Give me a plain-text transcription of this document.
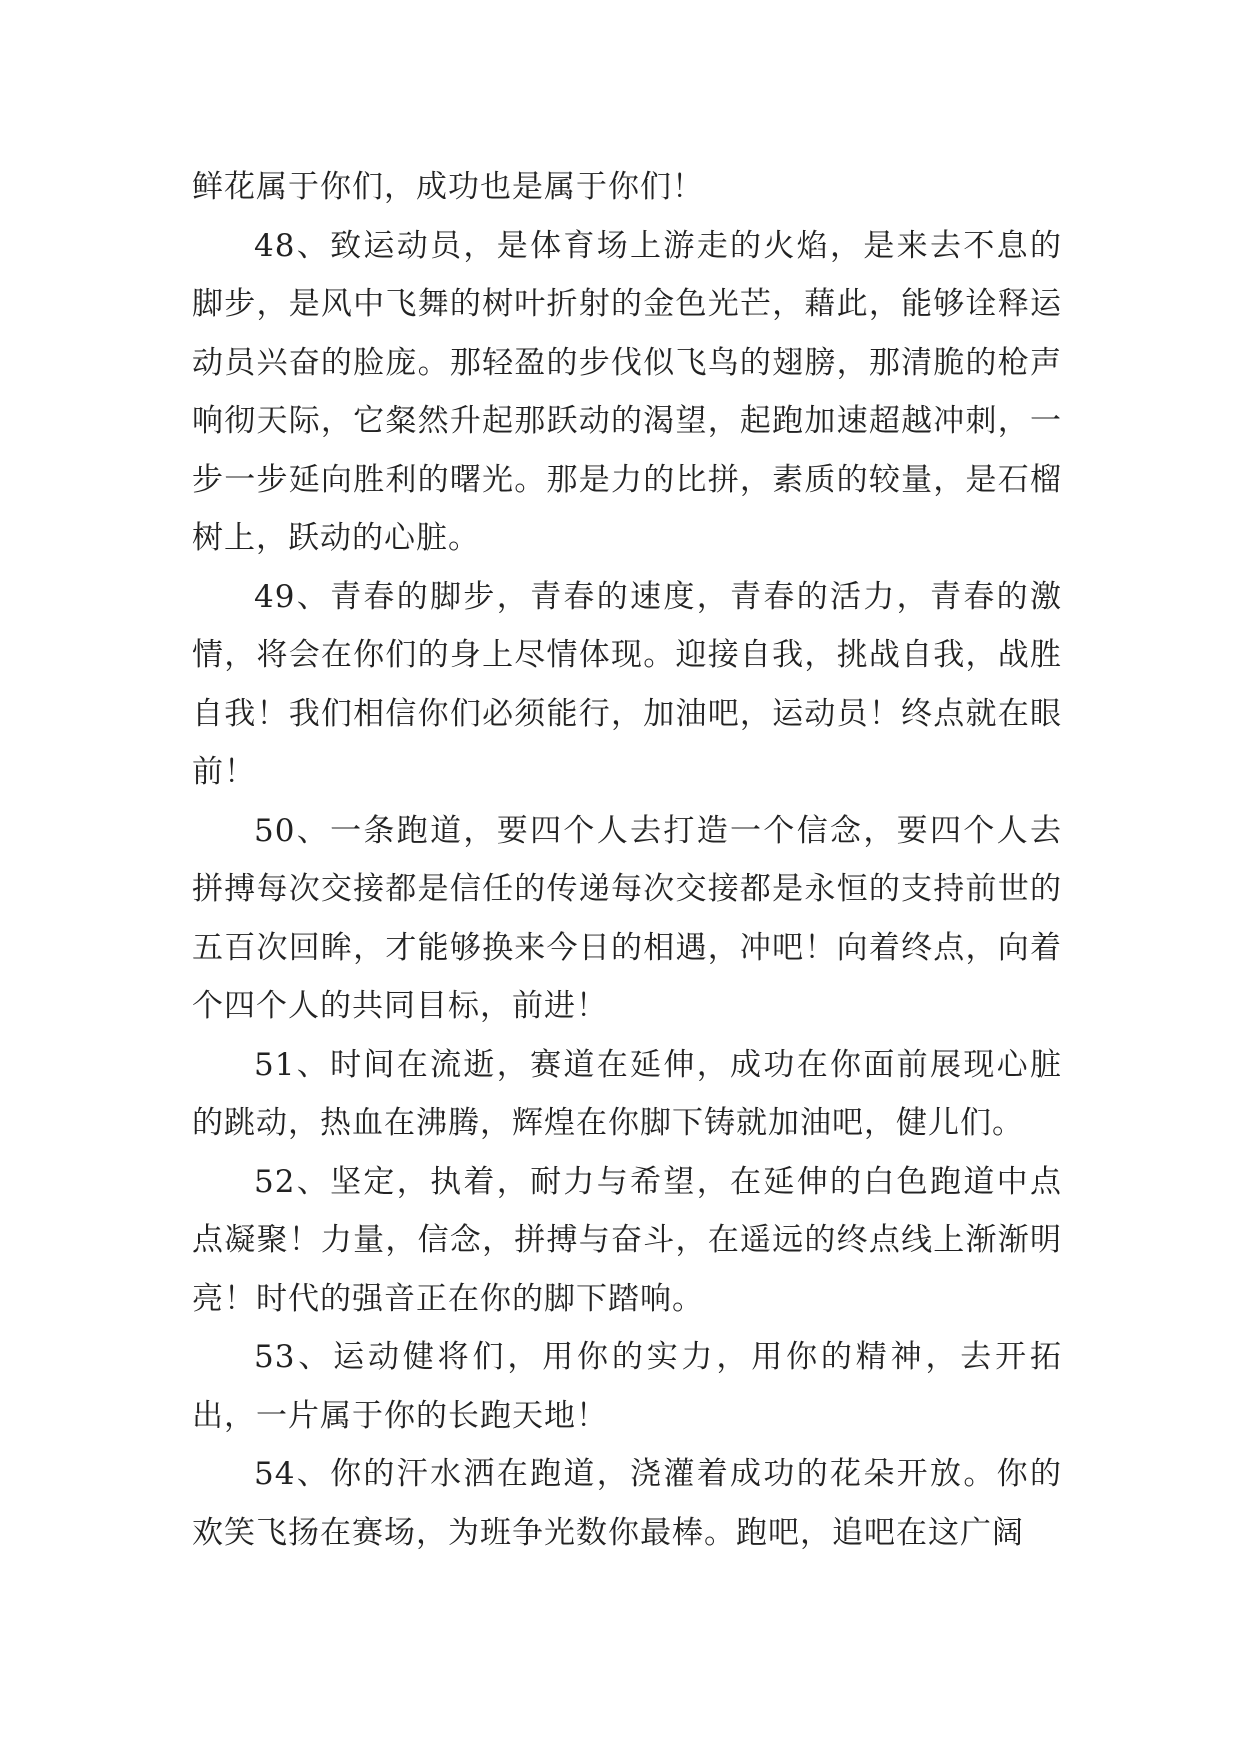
鲜花属于你们，成功也是属于你们！

48、致运动员，是体育场上游走的火焰，是来去不息的脚步，是风中飞舞的树叶折射的金色光芒，藉此，能够诠释运动员兴奋的脸庞。那轻盈的步伐似飞鸟的翅膀，那清脆的枪声响彻天际，它粲然升起那跃动的渴望，起跑加速超越冲刺，一步一步延向胜利的曙光。那是力的比拼，素质的较量，是石榴树上，跃动的心脏。

49、青春的脚步，青春的速度，青春的活力，青春的激情，将会在你们的身上尽情体现。迎接自我，挑战自我，战胜自我！我们相信你们必须能行，加油吧，运动员！终点就在眼前！

50、一条跑道，要四个人去打造一个信念，要四个人去拼搏每次交接都是信任的传递每次交接都是永恒的支持前世的五百次回眸，才能够换来今日的相遇，冲吧！向着终点，向着个四个人的共同目标，前进！

51、时间在流逝，赛道在延伸，成功在你面前展现心脏的跳动，热血在沸腾，辉煌在你脚下铸就加油吧，健儿们。

52、坚定，执着，耐力与希望，在延伸的白色跑道中点点凝聚！力量，信念，拼搏与奋斗，在遥远的终点线上渐渐明亮！时代的强音正在你的脚下踏响。

53、运动健将们，用你的实力，用你的精神，去开拓出，一片属于你的长跑天地！

54、你的汗水洒在跑道，浇灌着成功的花朵开放。你的欢笑飞扬在赛场，为班争光数你最棒。跑吧，追吧在这广阔
